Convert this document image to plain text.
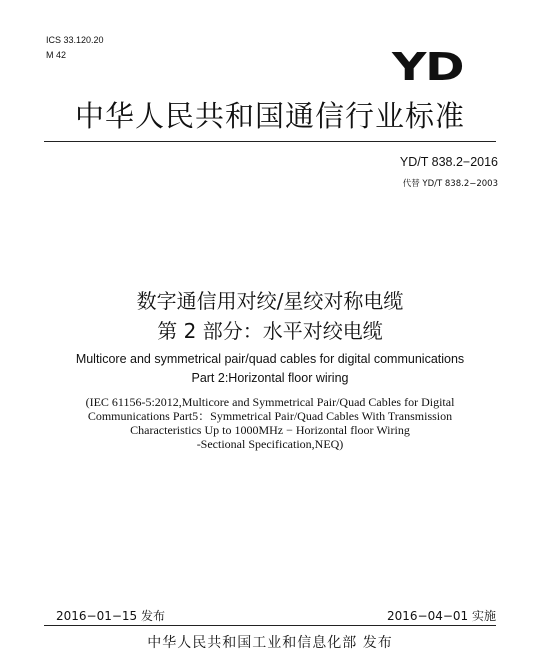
ICS 33.120.20
M 42	YD
中华人民共和国通信行业标准
YD/T 838.2−2016
代替 YD/T 838.2−2003
数字通信用对绞/星绞对称电缆
第 2 部分：水平对绞电缆
Multicore and symmetrical pair/quad cables for digital communications
Part 2:Horizontal floor wiring
(IEC 61156-5:2012,Multicore and Symmetrical Pair/Quad Cables for Digital
Communications Part5：Symmetrical Pair/Quad Cables With Transmission
Characteristics Up to 1000MHz − Horizontal floor Wiring
-Sectional Specification,NEQ)
2016−01−15 发布	2016−04−01 实施
中华人民共和国工业和信息化部 发布
